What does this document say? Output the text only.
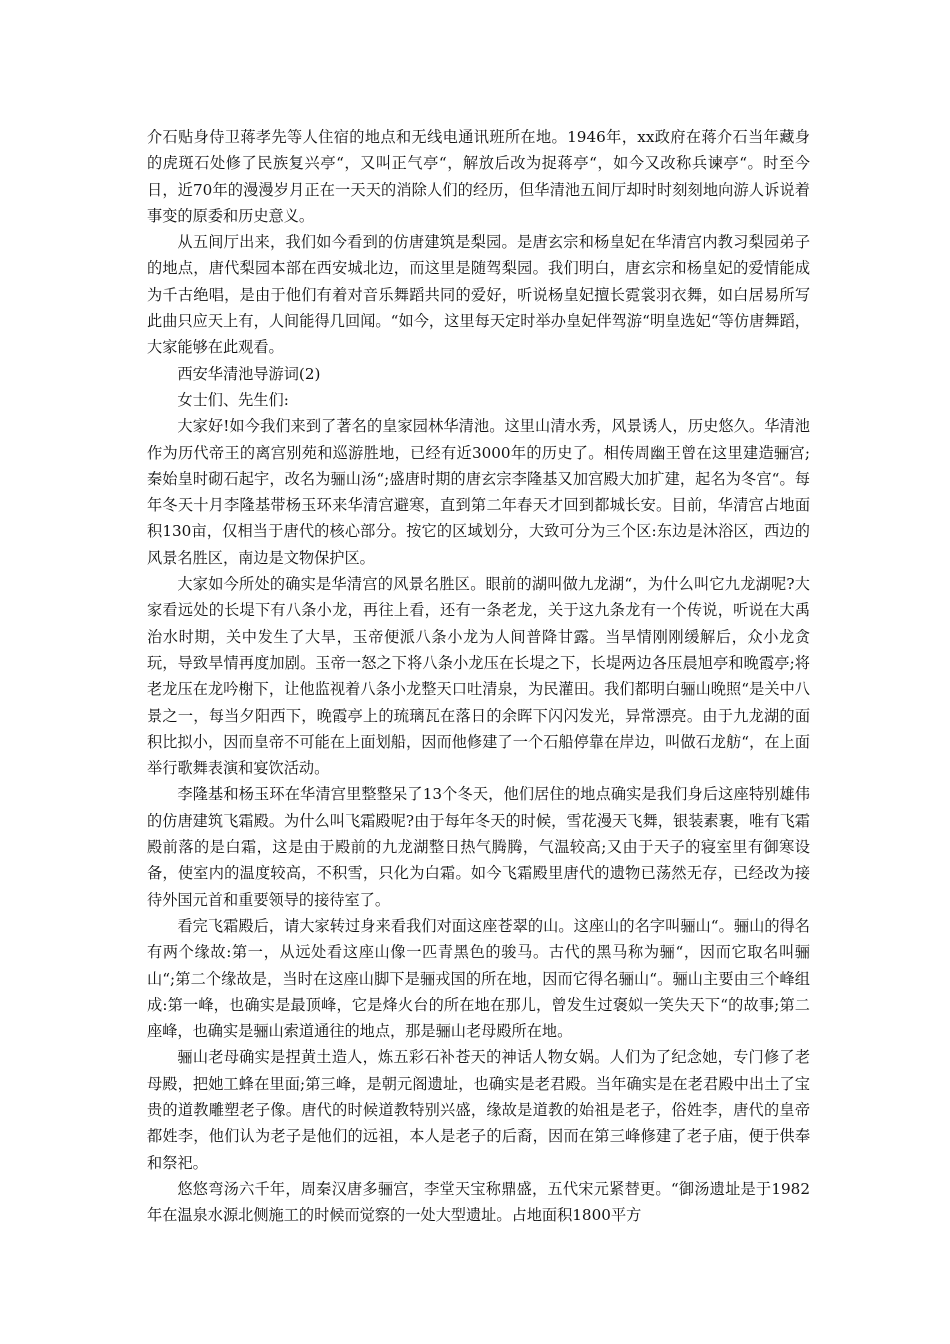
介石贴身侍卫蒋孝先等人住宿的地点和无线电通讯班所在地。1946年，xx政府在蒋介石当年藏身的虎斑石处修了民族复兴亭“，又叫正气亭“，解放后改为捉蒋亭“，如今又改称兵谏亭“。时至今日，近70年的漫漫岁月正在一天天的消除人们的经历，但华清池五间厅却时时刻刻地向游人诉说着事变的原委和历史意义。

从五间厅出来，我们如今看到的仿唐建筑是梨园。是唐玄宗和杨皇妃在华清宫内教习梨园弟子的地点，唐代梨园本部在西安城北边，而这里是随驾梨园。我们明白，唐玄宗和杨皇妃的爱情能成为千古绝唱，是由于他们有着对音乐舞蹈共同的爱好，听说杨皇妃擅长霓裳羽衣舞，如白居易所写此曲只应天上有，人间能得几回闻。“如今，这里每天定时举办皇妃伴驾游“明皇选妃“等仿唐舞蹈，大家能够在此观看。

西安华清池导游词(2)

女士们、先生们:

大家好!如今我们来到了著名的皇家园林华清池。这里山清水秀，风景诱人，历史悠久。华清池作为历代帝王的离宫别苑和巡游胜地，已经有近3000年的历史了。相传周幽王曾在这里建造骊宫;秦始皇时砌石起宇，改名为骊山汤“;盛唐时期的唐玄宗李隆基又加宫殿大加扩建，起名为冬宫“。每年冬天十月李隆基带杨玉环来华清宫避寒，直到第二年春天才回到都城长安。目前，华清宫占地面积130亩，仅相当于唐代的核心部分。按它的区域划分，大致可分为三个区:东边是沐浴区，西边的风景名胜区，南边是文物保护区。

大家如今所处的确实是华清宫的风景名胜区。眼前的湖叫做九龙湖“，为什么叫它九龙湖呢?大家看远处的长堤下有八条小龙，再往上看，还有一条老龙，关于这九条龙有一个传说，听说在大禹治水时期，关中发生了大旱，玉帝便派八条小龙为人间普降甘露。当旱情刚刚缓解后，众小龙贪玩，导致旱情再度加剧。玉帝一怒之下将八条小龙压在长堤之下，长堤两边各压晨旭亭和晚霞亭;将老龙压在龙吟榭下，让他监视着八条小龙整天口吐清泉，为民灌田。我们都明白骊山晚照“是关中八景之一，每当夕阳西下，晚霞亭上的琉璃瓦在落日的余晖下闪闪发光，异常漂亮。由于九龙湖的面积比拟小，因而皇帝不可能在上面划船，因而他修建了一个石船停靠在岸边，叫做石龙舫“，在上面举行歌舞表演和宴饮活动。

李隆基和杨玉环在华清宫里整整呆了13个冬天，他们居住的地点确实是我们身后这座特别雄伟的仿唐建筑飞霜殿。为什么叫飞霜殿呢?由于每年冬天的时候，雪花漫天飞舞，银装素裹，唯有飞霜殿前落的是白霜，这是由于殿前的九龙湖整日热气腾腾，气温较高;又由于天子的寝室里有御寒设备，使室内的温度较高，不积雪，只化为白霜。如今飞霜殿里唐代的遗物已荡然无存，已经改为接待外国元首和重要领导的接待室了。

看完飞霜殿后，请大家转过身来看我们对面这座苍翠的山。这座山的名字叫骊山“。骊山的得名有两个缘故:第一，从远处看这座山像一匹青黑色的骏马。古代的黑马称为骊“，因而它取名叫骊山“;第二个缘故是，当时在这座山脚下是骊戎国的所在地，因而它得名骊山“。骊山主要由三个峰组成:第一峰，也确实是最顶峰，它是烽火台的所在地在那儿，曾发生过褒姒一笑失天下“的故事;第二座峰，也确实是骊山索道通往的地点，那是骊山老母殿所在地。

骊山老母确实是捏黄土造人，炼五彩石补苍天的神话人物女娲。人们为了纪念她，专门修了老母殿，把她工蜂在里面;第三峰，是朝元阁遗址，也确实是老君殿。当年确实是在老君殿中出土了宝贵的道教雕塑老子像。唐代的时候道教特别兴盛，缘故是道教的始祖是老子，俗姓李，唐代的皇帝都姓李，他们认为老子是他们的远祖，本人是老子的后裔，因而在第三峰修建了老子庙，便于供奉和祭祀。

悠悠弯汤六千年，周秦汉唐多骊宫，李堂天宝称鼎盛，五代宋元紧替更。“御汤遗址是于1982年在温泉水源北侧施工的时候而觉察的一处大型遗址。占地面积1800平方
